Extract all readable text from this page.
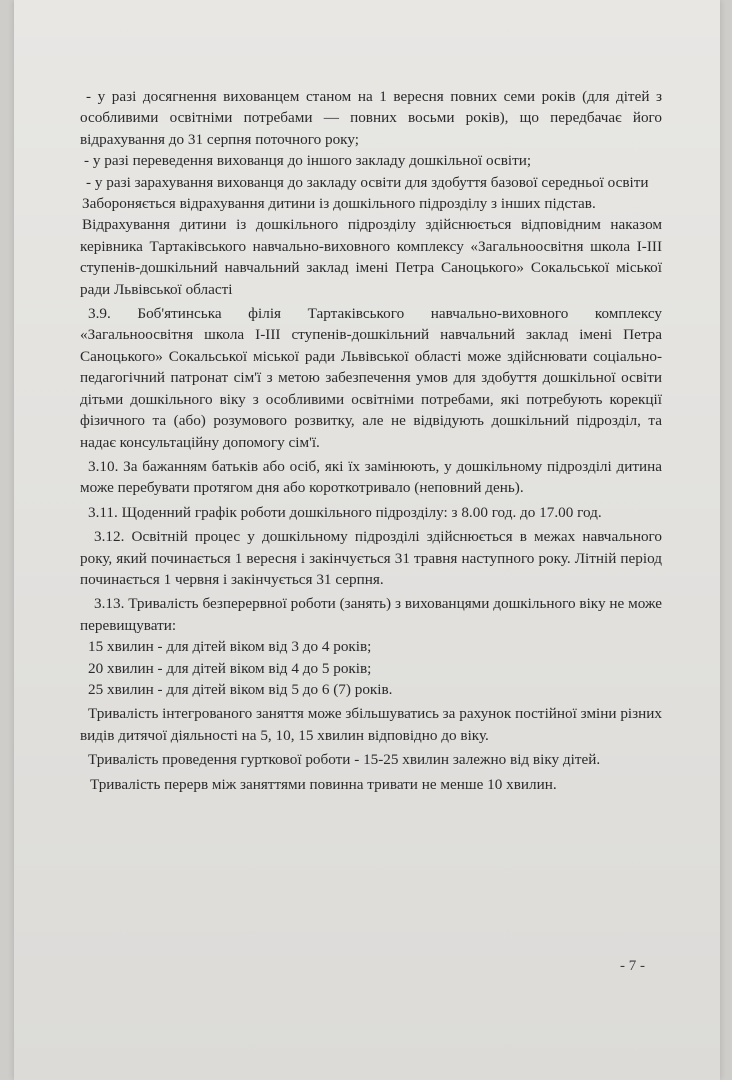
- у разі досягнення вихованцем станом на 1 вересня повних семи років (для дітей з особливими освітніми потребами — повних восьми років), що передбачає його відрахування до 31 серпня поточного року;

- у разі переведення вихованця до іншого закладу дошкільної освіти;

- у разі зарахування вихованця до закладу освіти для здобуття базової середньої освіти

Забороняється відрахування дитини із дошкільного підрозділу з інших підстав.

Відрахування дитини із дошкільного підрозділу здійснюється відповідним наказом керівника Тартаківського навчально-виховного комплексу «Загальноосвітня школа І-ІІІ ступенів-дошкільний навчальний заклад імені Петра Саноцького» Сокальської міської ради Львівської області

3.9. Боб'ятинська філія Тартаківського навчально-виховного комплексу «Загальноосвітня школа І-ІІІ ступенів-дошкільний навчальний заклад імені Петра Саноцького» Сокальської міської ради Львівської області може здійснювати соціально-педагогічний патронат сім'ї з метою забезпечення умов для здобуття дошкільної освіти дітьми дошкільного віку з особливими освітніми потребами, які потребують корекції фізичного та (або) розумового розвитку, але не відвідують дошкільний підрозділ, та надає консультаційну допомогу сім'ї.

3.10. За бажанням батьків або осіб, які їх замінюють, у дошкільному підрозділі дитина може перебувати протягом дня або короткотривало (неповний день).

3.11. Щоденний графік роботи дошкільного підрозділу: з 8.00 год. до 17.00 год.

3.12. Освітній процес у дошкільному підрозділі здійснюється в межах навчального року, який починається 1 вересня і закінчується 31 травня наступного року. Літній період починається 1 червня і закінчується 31 серпня.

3.13. Тривалість безперервної роботи (занять) з вихованцями дошкільного віку не може перевищувати:

15 хвилин - для дітей віком від 3 до 4 років;

20 хвилин - для дітей віком від 4 до 5 років;

25 хвилин - для дітей віком від 5 до 6 (7) років.

Тривалість інтегрованого заняття може збільшуватись за рахунок постійної зміни різних видів дитячої діяльності на 5, 10, 15 хвилин відповідно до віку.

Тривалість проведення гурткової роботи - 15-25 хвилин залежно від віку дітей.

Тривалість перерв між заняттями повинна тривати не менше 10 хвилин.

- 7 -
